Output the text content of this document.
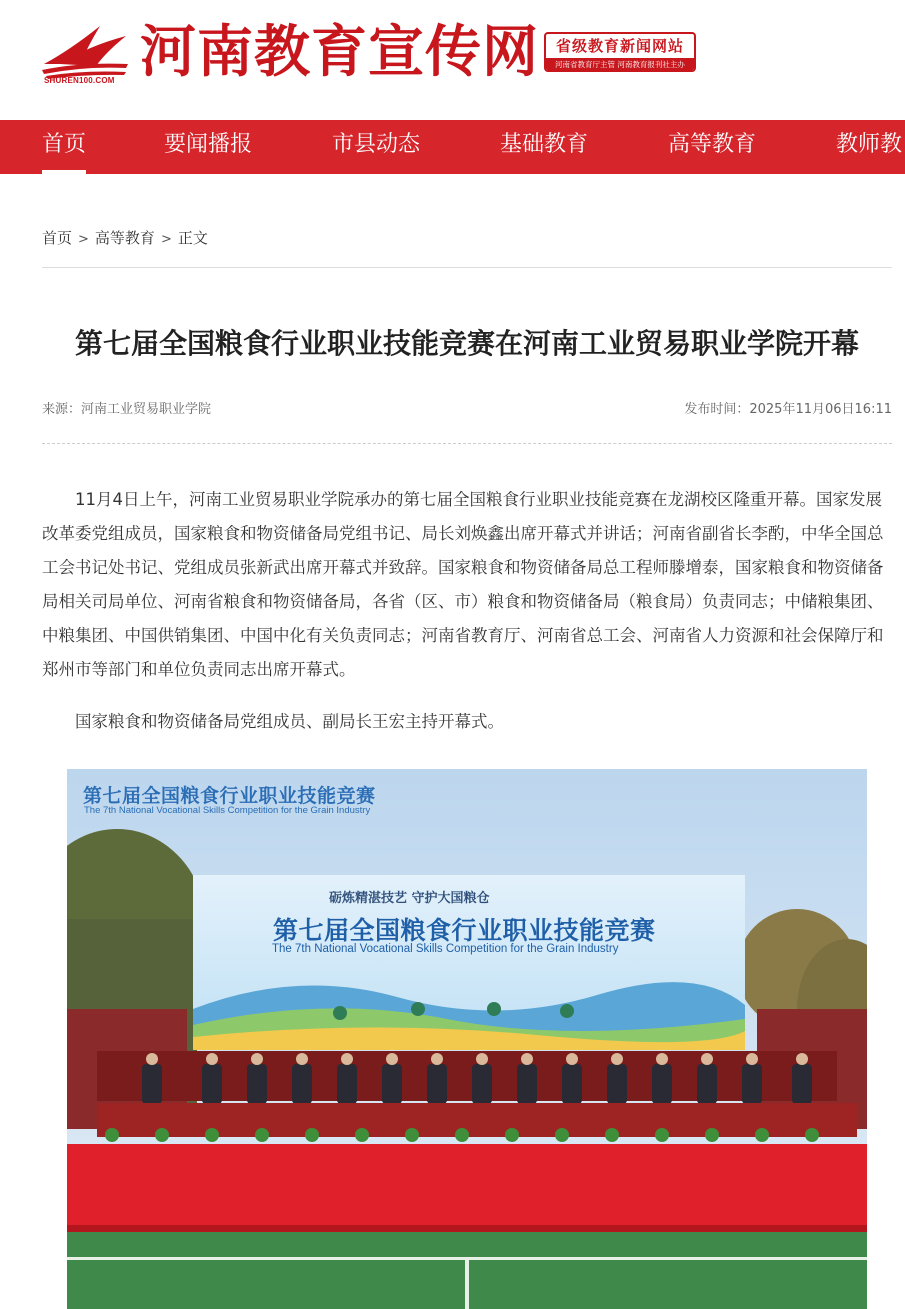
SHUREN100.COM 河南教育宣传网	省级教育新闻网站
河南省教育厅主管 河南教育报刊社主办
首页	要闻播报	市县动态	基础教育	高等教育	教师教
首页 > 高等教育 > 正文
第七届全国粮食行业职业技能竞赛在河南工业贸易职业学院开幕
来源：河南工业贸易职业学院	发布时间：2025年11月06日16:11

11月4日上午，河南工业贸易职业学院承办的第七届全国粮食行业职业技能竞赛在龙湖校区隆重开幕。国家发展改革委党组成员，国家粮食和物资储备局党组书记、局长刘焕鑫出席开幕式并讲话；河南省副省长李酌，中华全国总工会书记处书记、党组成员张新武出席开幕式并致辞。国家粮食和物资储备局总工程师滕增泰，国家粮食和物资储备局相关司局单位、河南省粮食和物资储备局，各省（区、市）粮食和物资储备局（粮食局）负责同志；中储粮集团、中粮集团、中国供销集团、中国中化有关负责同志；河南省教育厅、河南省总工会、河南省人力资源和社会保障厅和郑州市等部门和单位负责同志出席开幕式。

国家粮食和物资储备局党组成员、副局长王宏主持开幕式。

第七届全国粮食行业职业技能竞赛
The 7th National Vocational Skills Competition for the Grain Industry
砺炼精湛技艺 守护大国粮仓
第七届全国粮食行业职业技能竞赛
The 7th National Vocational Skills Competition for the Grain Industry
